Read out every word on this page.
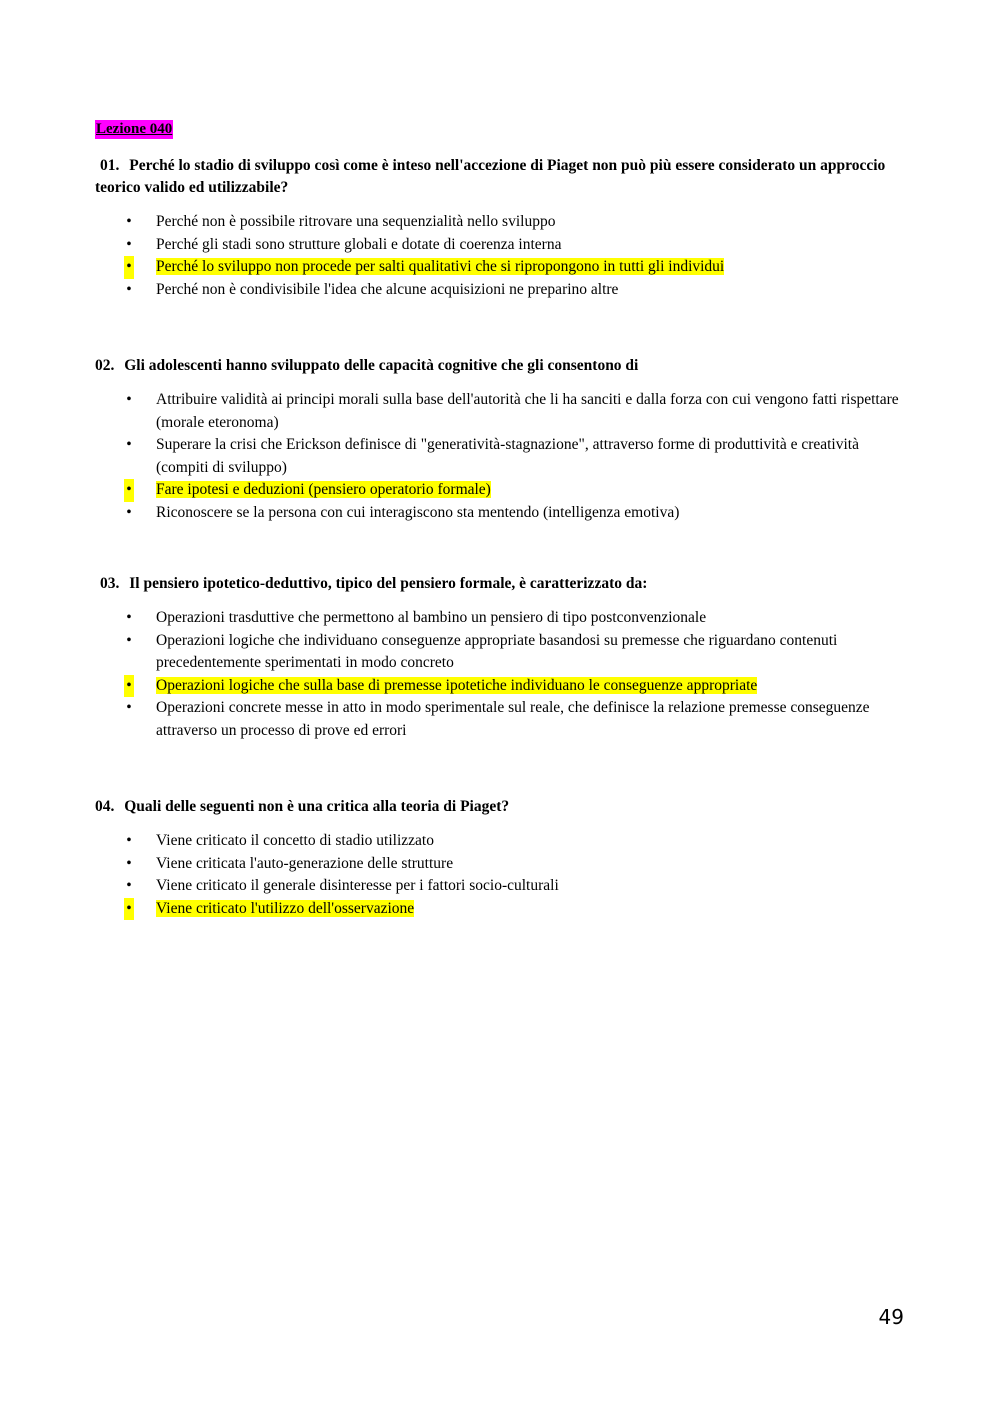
Lezione 040

01. Perché lo stadio di sviluppo così come è inteso nell'accezione di Piaget non può più essere considerato un approccio teorico valido ed utilizzabile?

• Perché non è possibile ritrovare una sequenzialità nello sviluppo
• Perché gli stadi sono strutture globali e dotate di coerenza interna
• Perché lo sviluppo non procede per salti qualitativi che si ripropongono in tutti gli individui
• Perché non è condivisibile l'idea che alcune acquisizioni ne preparino altre

02. Gli adolescenti hanno sviluppato delle capacità cognitive che gli consentono di

• Attribuire validità ai principi morali sulla base dell'autorità che li ha sanciti e dalla forza con cui vengono fatti rispettare (morale eteronoma)
• Superare la crisi che Erickson definisce di "generatività-stagnazione", attraverso forme di produttività e creatività (compiti di sviluppo)
• Fare ipotesi e deduzioni (pensiero operatorio formale)
• Riconoscere se la persona con cui interagiscono sta mentendo (intelligenza emotiva)

03. Il pensiero ipotetico-deduttivo, tipico del pensiero formale, è caratterizzato da:

• Operazioni trasduttive che permettono al bambino un pensiero di tipo postconvenzionale
• Operazioni logiche che individuano conseguenze appropriate basandosi su premesse che riguardano contenuti precedentemente sperimentati in modo concreto
• Operazioni logiche che sulla base di premesse ipotetiche individuano le conseguenze appropriate
• Operazioni concrete messe in atto in modo sperimentale sul reale, che definisce la relazione premesse conseguenze attraverso un processo di prove ed errori

04. Quali delle seguenti non è una critica alla teoria di Piaget?

• Viene criticato il concetto di stadio utilizzato
• Viene criticata l'auto-generazione delle strutture
• Viene criticato il generale disinteresse per i fattori socio-culturali
• Viene criticato l'utilizzo dell'osservazione
49
